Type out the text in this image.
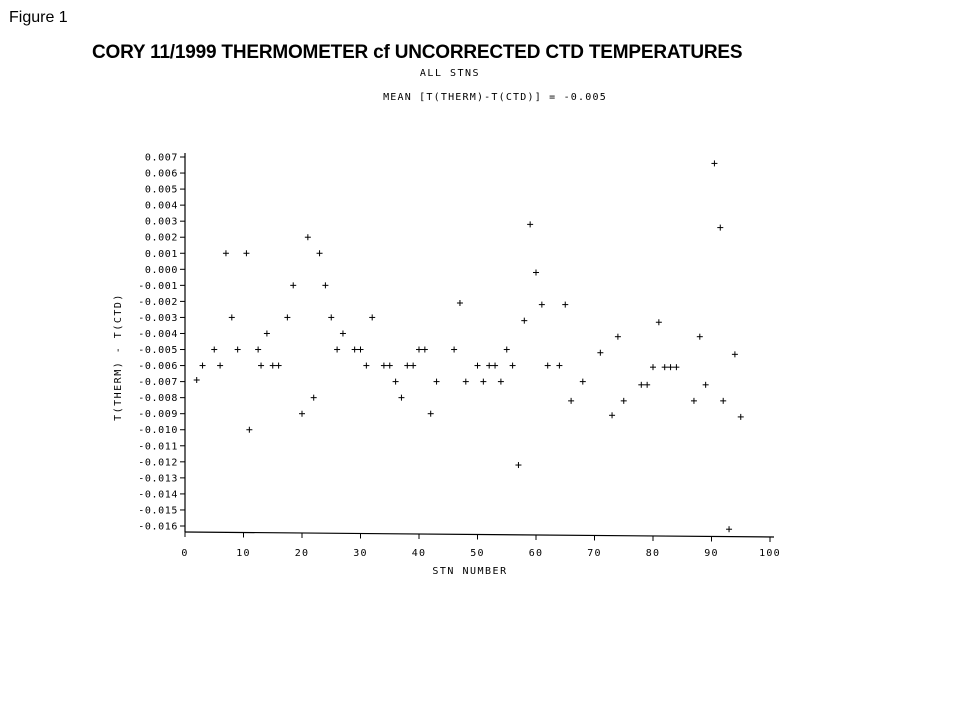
Figure 1
CORY 11/1999 THERMOMETER cf UNCORRECTED CTD TEMPERATURES
ALL STNS
MEAN [T(THERM)-T(CTD)] = -0.005
0.007
0.006
0.005
0.004
0.003
0.002
0.001
0.000
-0.001
-0.002
-0.003
-0.004
-0.005
-0.006
-0.007
-0.008
-0.009
-0.010
-0.011
-0.012
-0.013
-0.014
-0.015
-0.016
0	10	20	30	40	50	60	70	80	90	100
STN NUMBER
T(THERM) - T(CTD)
